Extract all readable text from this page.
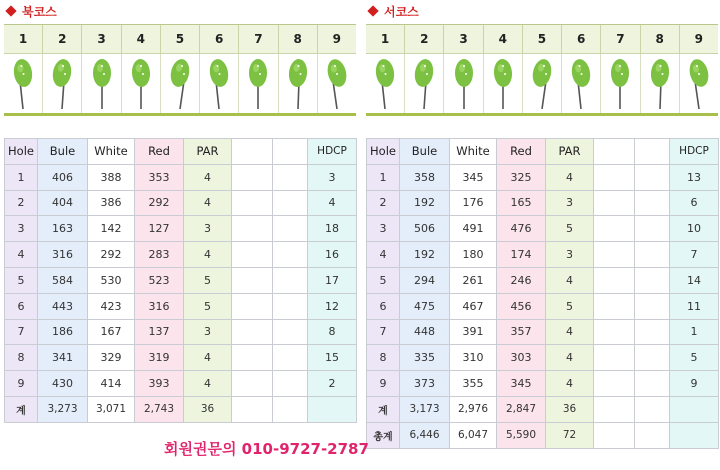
북코스
1	2	3	4	5	6	7	8	9
Hole	Bule	White	Red	PAR			HDCP
1	406	388	353	4			3
2	404	386	292	4			4
3	163	142	127	3			18
4	316	292	283	4			16
5	584	530	523	5			17
6	443	423	316	5			12
7	186	167	137	3			8
8	341	329	319	4			15
9	430	414	393	4			2
계	3,273	3,071	2,743	36			
서코스
1	2	3	4	5	6	7	8	9
Hole	Bule	White	Red	PAR			HDCP
1	358	345	325	4			13
2	192	176	165	3			6
3	506	491	476	5			10
4	192	180	174	3			7
5	294	261	246	4			14
6	475	467	456	5			11
7	448	391	357	4			1
8	335	310	303	4			5
9	373	355	345	4			9
계	3,173	2,976	2,847	36			
총계	6,446	6,047	5,590	72			
회원권문의 010-9727-2787
